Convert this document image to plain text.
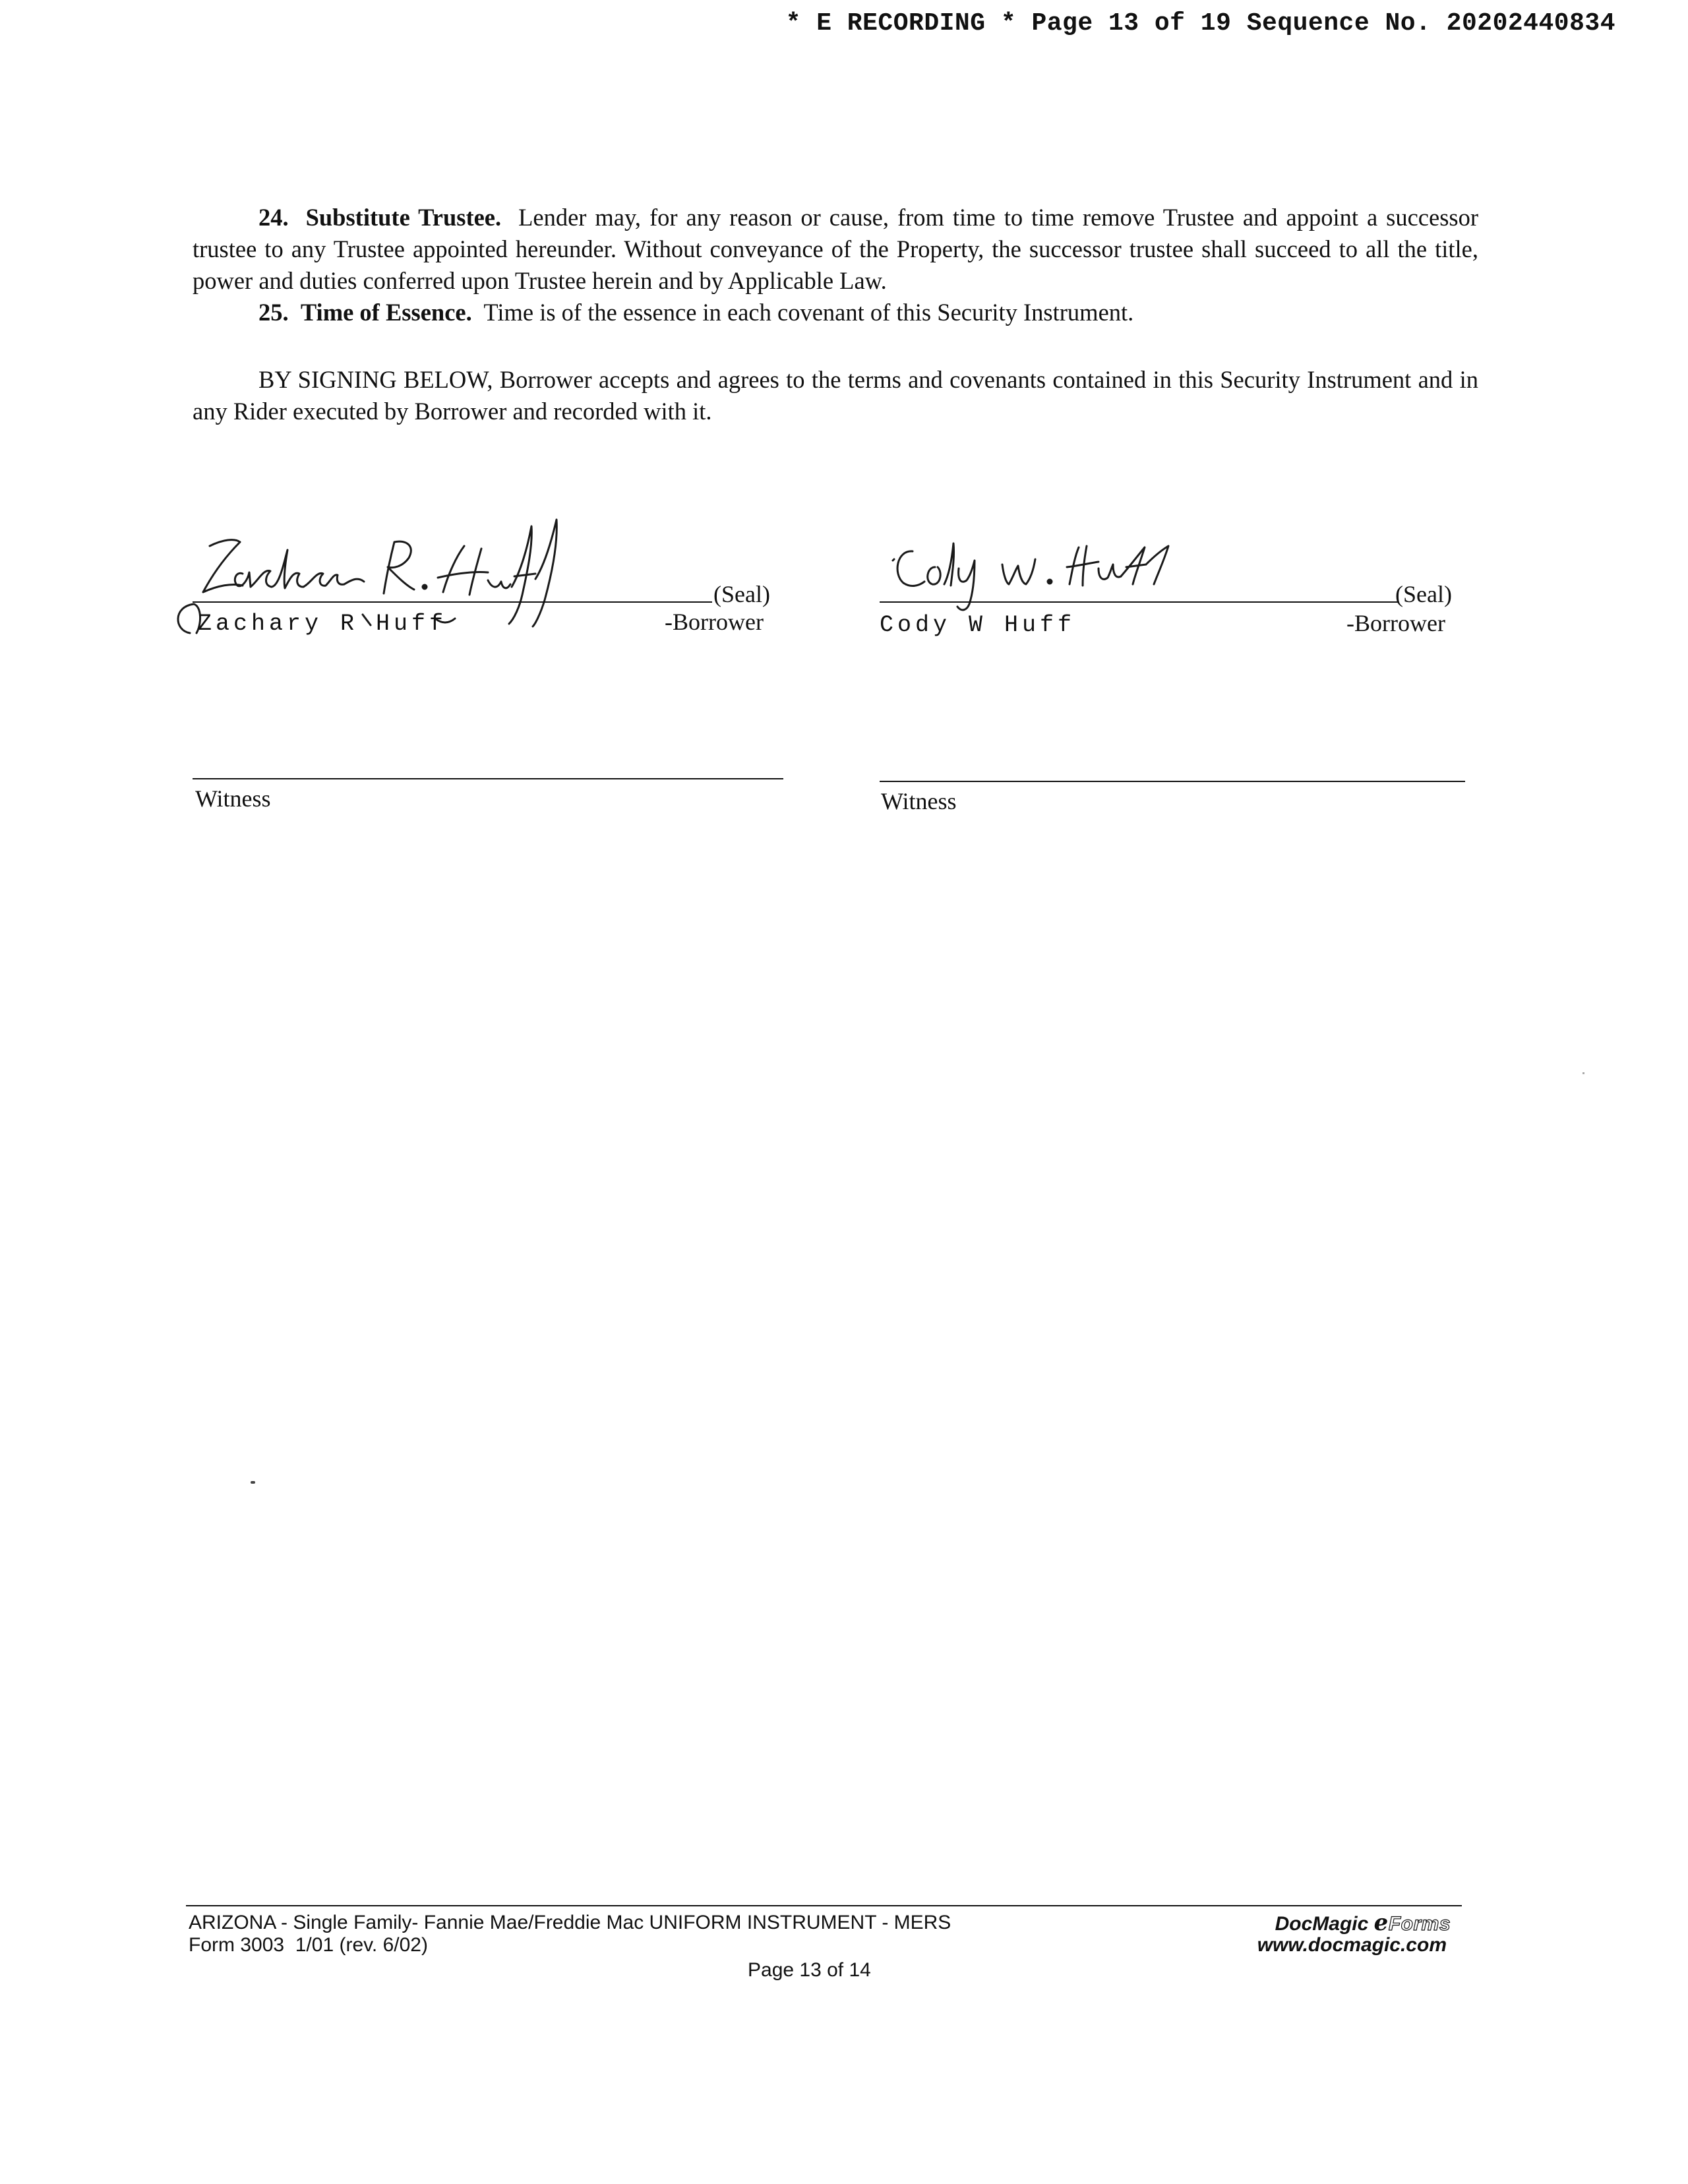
* E RECORDING * Page 13 of 19 Sequence No. 20202440834

24. Substitute Trustee. Lender may, for any reason or cause, from time to time remove Trustee and appoint a successor trustee to any Trustee appointed hereunder. Without conveyance of the Property, the successor trustee shall succeed to all the title, power and duties conferred upon Trustee herein and by Applicable Law.

25. Time of Essence. Time is of the essence in each covenant of this Security Instrument.

BY SIGNING BELOW, Borrower accepts and agrees to the terms and covenants contained in this Security Instrument and in any Rider executed by Borrower and recorded with it.

(Seal)
Zachary R Huff	-Borrower
(Seal)
Cody W Huff	-Borrower
Witness	Witness
ARIZONA - Single Family- Fannie Mae/Freddie Mac UNIFORM INSTRUMENT - MERS
Form 3003  1/01 (rev. 6/02)
Page 13 of 14
DocMagic ℯForms
www.docmagic.com
